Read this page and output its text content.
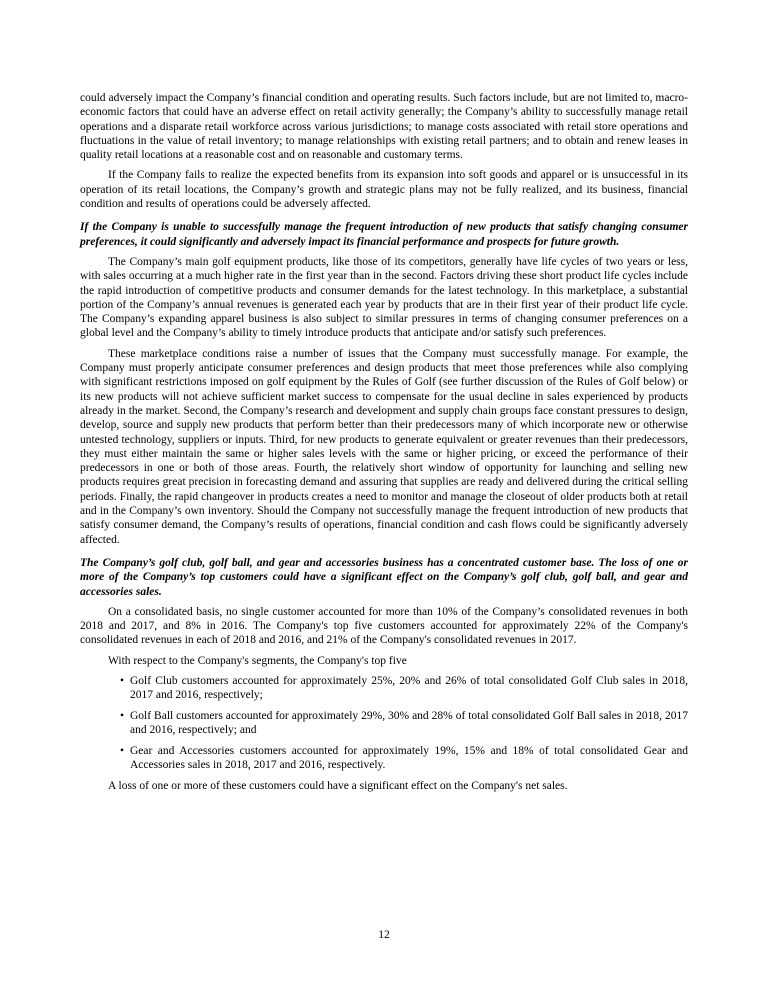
could adversely impact the Company’s financial condition and operating results. Such factors include, but are not limited to, macro-economic factors that could have an adverse effect on retail activity generally; the Company’s ability to successfully manage retail operations and a disparate retail workforce across various jurisdictions; to manage costs associated with retail store operations and fluctuations in the value of retail inventory; to manage relationships with existing retail partners; and to obtain and renew leases in quality retail locations at a reasonable cost and on reasonable and customary terms.

If the Company fails to realize the expected benefits from its expansion into soft goods and apparel or is unsuccessful in its operation of its retail locations, the Company’s growth and strategic plans may not be fully realized, and its business, financial condition and results of operations could be adversely affected.

If the Company is unable to successfully manage the frequent introduction of new products that satisfy changing consumer preferences, it could significantly and adversely impact its financial performance and prospects for future growth.

The Company’s main golf equipment products, like those of its competitors, generally have life cycles of two years or less, with sales occurring at a much higher rate in the first year than in the second. Factors driving these short product life cycles include the rapid introduction of competitive products and consumer demands for the latest technology. In this marketplace, a substantial portion of the Company’s annual revenues is generated each year by products that are in their first year of their product life cycle. The Company’s expanding apparel business is also subject to similar pressures in terms of changing consumer preferences on a global level and the Company’s ability to timely introduce products that anticipate and/or satisfy such preferences.

These marketplace conditions raise a number of issues that the Company must successfully manage. For example, the Company must properly anticipate consumer preferences and design products that meet those preferences while also complying with significant restrictions imposed on golf equipment by the Rules of Golf (see further discussion of the Rules of Golf below) or its new products will not achieve sufficient market success to compensate for the usual decline in sales experienced by products already in the market. Second, the Company’s research and development and supply chain groups face constant pressures to design, develop, source and supply new products that perform better than their predecessors many of which incorporate new or otherwise untested technology, suppliers or inputs. Third, for new products to generate equivalent or greater revenues than their predecessors, they must either maintain the same or higher sales levels with the same or higher pricing, or exceed the performance of their predecessors in one or both of those areas. Fourth, the relatively short window of opportunity for launching and selling new products requires great precision in forecasting demand and assuring that supplies are ready and delivered during the critical selling periods. Finally, the rapid changeover in products creates a need to monitor and manage the closeout of older products both at retail and in the Company’s own inventory. Should the Company not successfully manage the frequent introduction of new products that satisfy consumer demand, the Company’s results of operations, financial condition and cash flows could be significantly adversely affected.

The Company’s golf club, golf ball, and gear and accessories business has a concentrated customer base. The loss of one or more of the Company’s top customers could have a significant effect on the Company’s golf club, golf ball, and gear and accessories sales.

On a consolidated basis, no single customer accounted for more than 10% of the Company’s consolidated revenues in both 2018 and 2017, and 8% in 2016. The Company's top five customers accounted for approximately 22% of the Company's consolidated revenues in each of 2018 and 2016, and 21% of the Company's consolidated revenues in 2017.

With respect to the Company's segments, the Company's top five

• Golf Club customers accounted for approximately 25%, 20% and 26% of total consolidated Golf Club sales in 2018, 2017 and 2016, respectively;
• Golf Ball customers accounted for approximately 29%, 30% and 28% of total consolidated Golf Ball sales in 2018, 2017 and 2016, respectively; and
• Gear and Accessories customers accounted for approximately 19%, 15% and 18% of total consolidated Gear and Accessories sales in 2018, 2017 and 2016, respectively.

A loss of one or more of these customers could have a significant effect on the Company's net sales.

12
